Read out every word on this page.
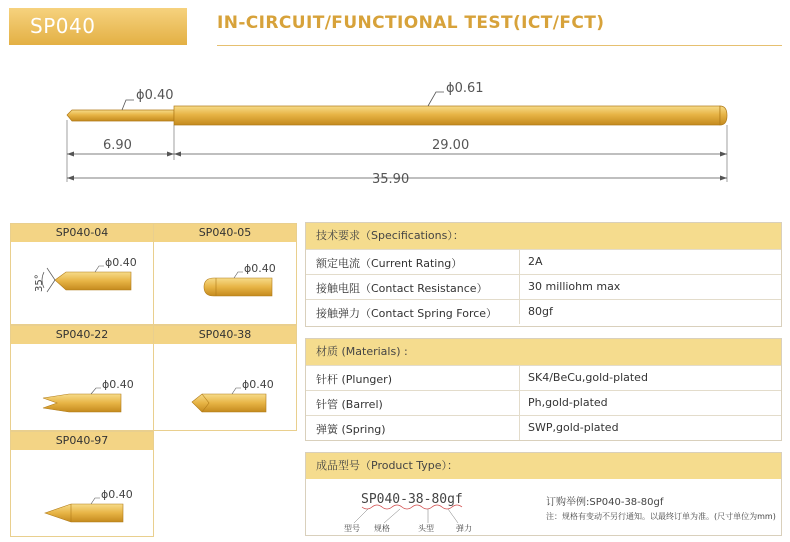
SP040	IN-CIRCUIT/FUNCTIONAL TEST(ICT/FCT)
ϕ0.40	ϕ0.61
6.90	29.00
35.90
SP040-04
35°
ϕ0.40
SP040-05
ϕ0.40
SP040-22
ϕ0.40
SP040-38
ϕ0.40
SP040-97
ϕ0.40
技术要求（Specifications）：
额定电流（Current Rating）	2A
接触电阻（Contact Resistance）	30 milliohm max
接触弹力（Contact Spring Force）	80gf
材质 (Materials) :
针杆 (Plunger)	SK4/BeCu,gold-plated
针管 (Barrel)	Ph,gold-plated
弹簧 (Spring)	SWP,gold-plated
成品型号（Product Type）：
SP040-38-80gf
型号 规格	头型	弹力
订购举例:SP040-38-80gf
注：规格有变动不另行通知。以最终订单为准。(尺寸单位为mm)
